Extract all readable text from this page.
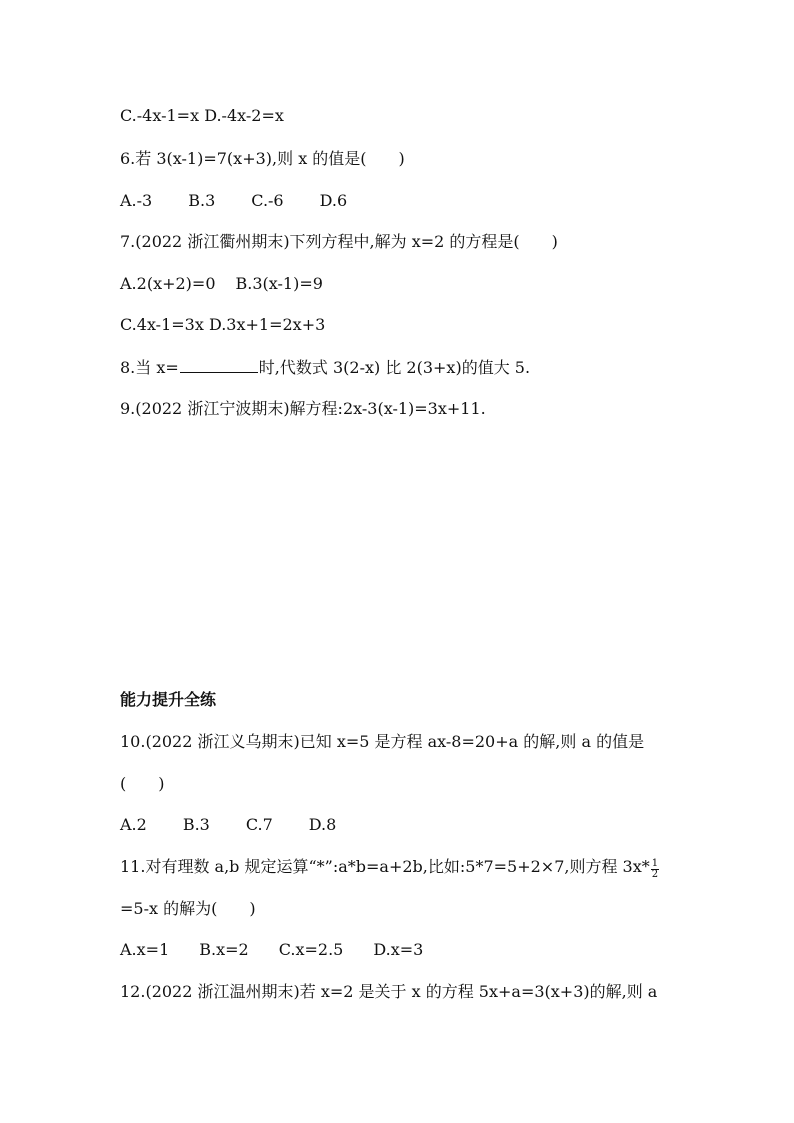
C.-4x-1=x D.-4x-2=x
6.若 3(x-1)=7(x+3),则 x 的值是(　　)
A.-3 B.3 C.-6 D.6
7.(2022 浙江衢州期末)下列方程中,解为 x=2 的方程是(　　)
A.2(x+2)=0 B.3(x-1)=9
C.4x-1=3x D.3x+1=2x+3
8.当 x=	时,代数式 3(2-x) 比 2(3+x)的值大 5.
9.(2022 浙江宁波期末)解方程:2x-3(x-1)=3x+11.
能力提升全练
10.(2022 浙江义乌期末)已知 x=5 是方程 ax-8=20+a 的解,则 a 的值是
(　　)
A.2 B.3 C.7 D.8
11.对有理数 a,b 规定运算“*”:a*b=a+2b,比如:5*7=5+2×7,则方程 $3x* \frac{1}{2}$
=5-x 的解为(　　)
A.x=1 B.x=2 C.x=2.5 D.x=3
12.(2022 浙江温州期末)若 x=2 是关于 x 的方程 5x+a=3(x+3)的解,则 a
